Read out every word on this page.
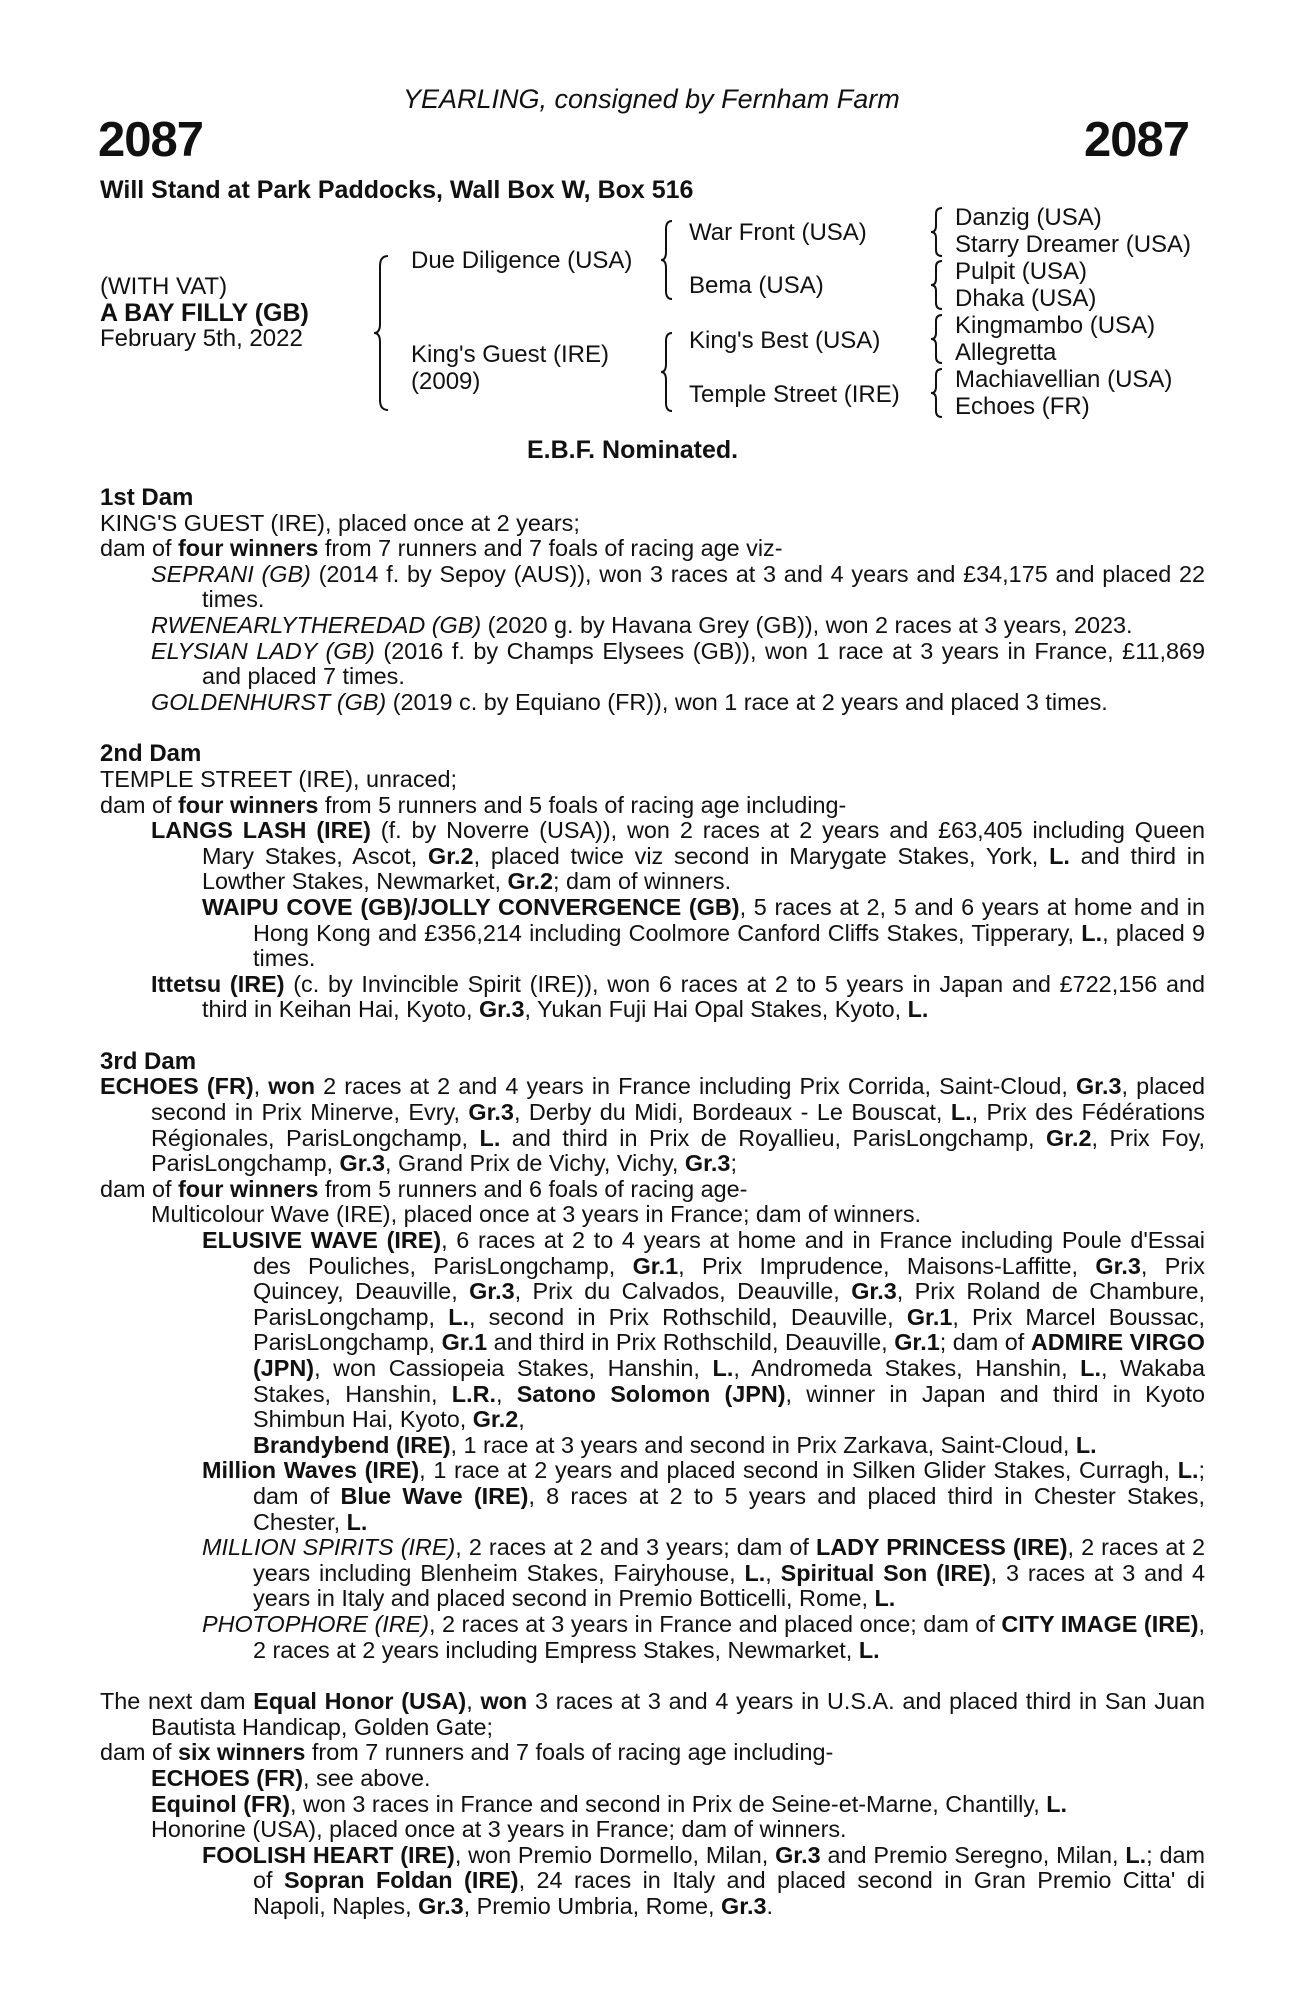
YEARLING, consigned by Fernham Farm
2087	2087
Will Stand at Park Paddocks, Wall Box W, Box 516
(WITH VAT)
A BAY FILLY (GB)
February 5th, 2022
Due Diligence (USA)
King's Guest (IRE)
(2009)
War Front (USA)
Bema (USA)
King's Best (USA)
Temple Street (IRE)
Danzig (USA)
Starry Dreamer (USA)
Pulpit (USA)
Dhaka (USA)
Kingmambo (USA)
Allegretta
Machiavellian (USA)
Echoes (FR)
E.B.F. Nominated.

1st Dam

KING'S GUEST (IRE), placed once at 2 years;

dam of four winners from 7 runners and 7 foals of racing age viz-

SEPRANI (GB) (2014 f. by Sepoy (AUS)), won 3 races at 3 and 4 years and £34,175 and placed 22 times.

RWENEARLYTHEREDAD (GB) (2020 g. by Havana Grey (GB)), won 2 races at 3 years, 2023.

ELYSIAN LADY (GB) (2016 f. by Champs Elysees (GB)), won 1 race at 3 years in France, £11,869 and placed 7 times.

GOLDENHURST (GB) (2019 c. by Equiano (FR)), won 1 race at 2 years and placed 3 times.

2nd Dam

TEMPLE STREET (IRE), unraced;

dam of four winners from 5 runners and 5 foals of racing age including-

LANGS LASH (IRE) (f. by Noverre (USA)), won 2 races at 2 years and £63,405 including Queen Mary Stakes, Ascot, Gr.2, placed twice viz second in Marygate Stakes, York, L. and third in Lowther Stakes, Newmarket, Gr.2; dam of winners.

WAIPU COVE (GB)/JOLLY CONVERGENCE (GB), 5 races at 2, 5 and 6 years at home and in Hong Kong and £356,214 including Coolmore Canford Cliffs Stakes, Tipperary, L., placed 9 times.

Ittetsu (IRE) (c. by Invincible Spirit (IRE)), won 6 races at 2 to 5 years in Japan and £722,156 and third in Keihan Hai, Kyoto, Gr.3, Yukan Fuji Hai Opal Stakes, Kyoto, L.

3rd Dam

ECHOES (FR), won 2 races at 2 and 4 years in France including Prix Corrida, Saint-Cloud, Gr.3, placed second in Prix Minerve, Evry, Gr.3, Derby du Midi, Bordeaux - Le Bouscat, L., Prix des Fédérations Régionales, ParisLongchamp, L. and third in Prix de Royallieu, ParisLongchamp, Gr.2, Prix Foy, ParisLongchamp, Gr.3, Grand Prix de Vichy, Vichy, Gr.3;

dam of four winners from 5 runners and 6 foals of racing age-

Multicolour Wave (IRE), placed once at 3 years in France; dam of winners.

ELUSIVE WAVE (IRE), 6 races at 2 to 4 years at home and in France including Poule d'Essai des Pouliches, ParisLongchamp, Gr.1, Prix Imprudence, Maisons-Laffitte, Gr.3, Prix Quincey, Deauville, Gr.3, Prix du Calvados, Deauville, Gr.3, Prix Roland de Chambure, ParisLongchamp, L., second in Prix Rothschild, Deauville, Gr.1, Prix Marcel Boussac, ParisLongchamp, Gr.1 and third in Prix Rothschild, Deauville, Gr.1; dam of ADMIRE VIRGO (JPN), won Cassiopeia Stakes, Hanshin, L., Andromeda Stakes, Hanshin, L., Wakaba Stakes, Hanshin, L.R., Satono Solomon (JPN), winner in Japan and third in Kyoto Shimbun Hai, Kyoto, Gr.2,

Brandybend (IRE), 1 race at 3 years and second in Prix Zarkava, Saint-Cloud, L.

Million Waves (IRE), 1 race at 2 years and placed second in Silken Glider Stakes, Curragh, L.; dam of Blue Wave (IRE), 8 races at 2 to 5 years and placed third in Chester Stakes, Chester, L.

MILLION SPIRITS (IRE), 2 races at 2 and 3 years; dam of LADY PRINCESS (IRE), 2 races at 2 years including Blenheim Stakes, Fairyhouse, L., Spiritual Son (IRE), 3 races at 3 and 4 years in Italy and placed second in Premio Botticelli, Rome, L.

PHOTOPHORE (IRE), 2 races at 3 years in France and placed once; dam of CITY IMAGE (IRE), 2 races at 2 years including Empress Stakes, Newmarket, L.

The next dam Equal Honor (USA), won 3 races at 3 and 4 years in U.S.A. and placed third in San Juan Bautista Handicap, Golden Gate;

dam of six winners from 7 runners and 7 foals of racing age including-

ECHOES (FR), see above.

Equinol (FR), won 3 races in France and second in Prix de Seine-et-Marne, Chantilly, L.

Honorine (USA), placed once at 3 years in France; dam of winners.

FOOLISH HEART (IRE), won Premio Dormello, Milan, Gr.3 and Premio Seregno, Milan, L.; dam of Sopran Foldan (IRE), 24 races in Italy and placed second in Gran Premio Citta' di Napoli, Naples, Gr.3, Premio Umbria, Rome, Gr.3.
